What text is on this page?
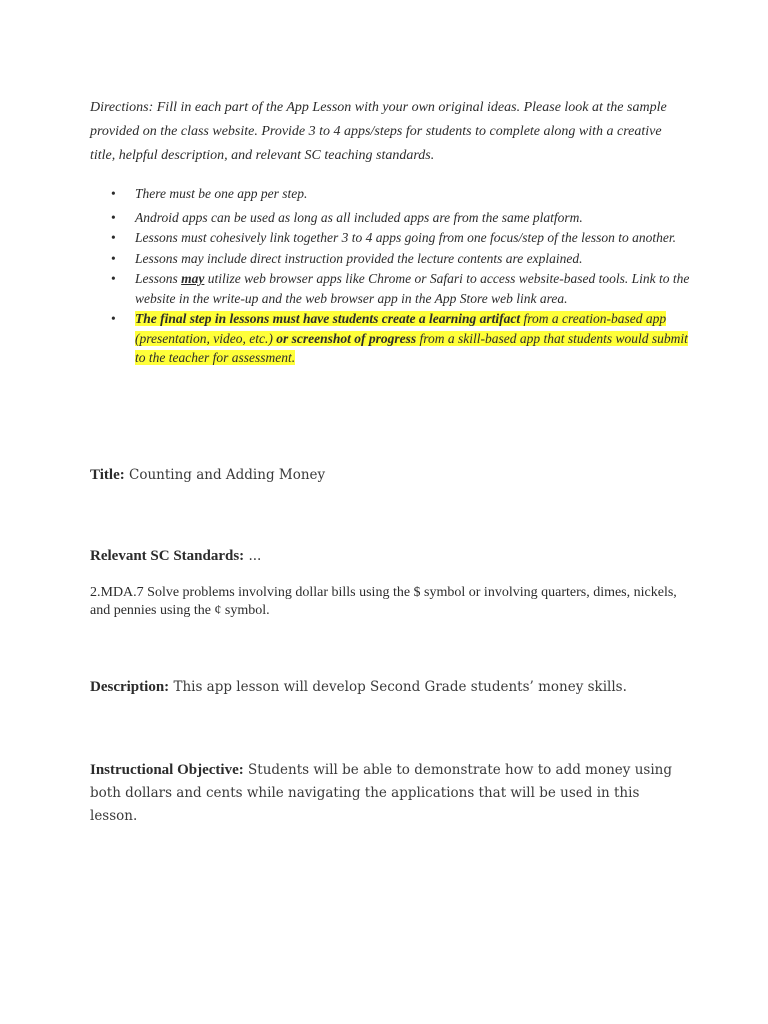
Directions: Fill in each part of the App Lesson with your own original ideas. Please look at the sample provided on the class website. Provide 3 to 4 apps/steps for students to complete along with a creative title, helpful description, and relevant SC teaching standards.

• There must be one app per step.
• Android apps can be used as long as all included apps are from the same platform.
• Lessons must cohesively link together 3 to 4 apps going from one focus/step of the lesson to another.
• Lessons may include direct instruction provided the lecture contents are explained.
• Lessons may utilize web browser apps like Chrome or Safari to access website-based tools. Link to the website in the write-up and the web browser app in the App Store web link area.
• The final step in lessons must have students create a learning artifact from a creation-based app (presentation, video, etc.) or screenshot of progress from a skill-based app that students would submit to the teacher for assessment.
Title: Counting and Adding Money
Relevant SC Standards: ...
2.MDA.7 Solve problems involving dollar bills using the $ symbol or involving quarters, dimes, nickels, and pennies using the ¢ symbol.
Description: This app lesson will develop Second Grade students’ money skills.
Instructional Objective: Students will be able to demonstrate how to add money using both dollars and cents while navigating the applications that will be used in this lesson.
